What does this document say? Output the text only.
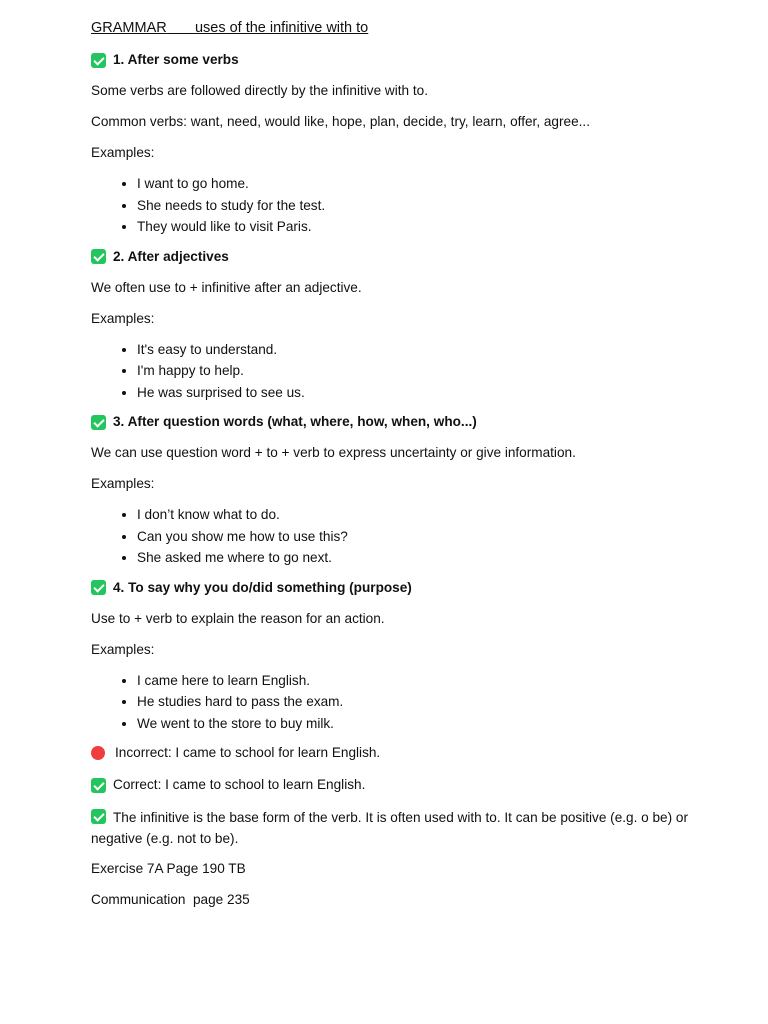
GRAMMAR uses of the infinitive with to
1. After some verbs

Some verbs are followed directly by the infinitive with to.

Common verbs: want, need, would like, hope, plan, decide, try, learn, offer, agree...

Examples:

• I want to go home.
• She needs to study for the test.
• They would like to visit Paris.
2. After adjectives

We often use to + infinitive after an adjective.

Examples:

• It's easy to understand.
• I'm happy to help.
• He was surprised to see us.
3. After question words (what, where, how, when, who...)

We can use question word + to + verb to express uncertainty or give information.

Examples:

• I don’t know what to do.
• Can you show me how to use this?
• She asked me where to go next.
4. To say why you do/did something (purpose)

Use to + verb to explain the reason for an action.

Examples:

• I came here to learn English.
• He studies hard to pass the exam.
• We went to the store to buy milk.
Incorrect: I came to school for learn English.
Correct: I came to school to learn English.
The infinitive is the base form of the verb. It is often used with to. It can be positive (e.g. o be) or negative (e.g. not to be).

Exercise 7A Page 190 TB

Communication  page 235
